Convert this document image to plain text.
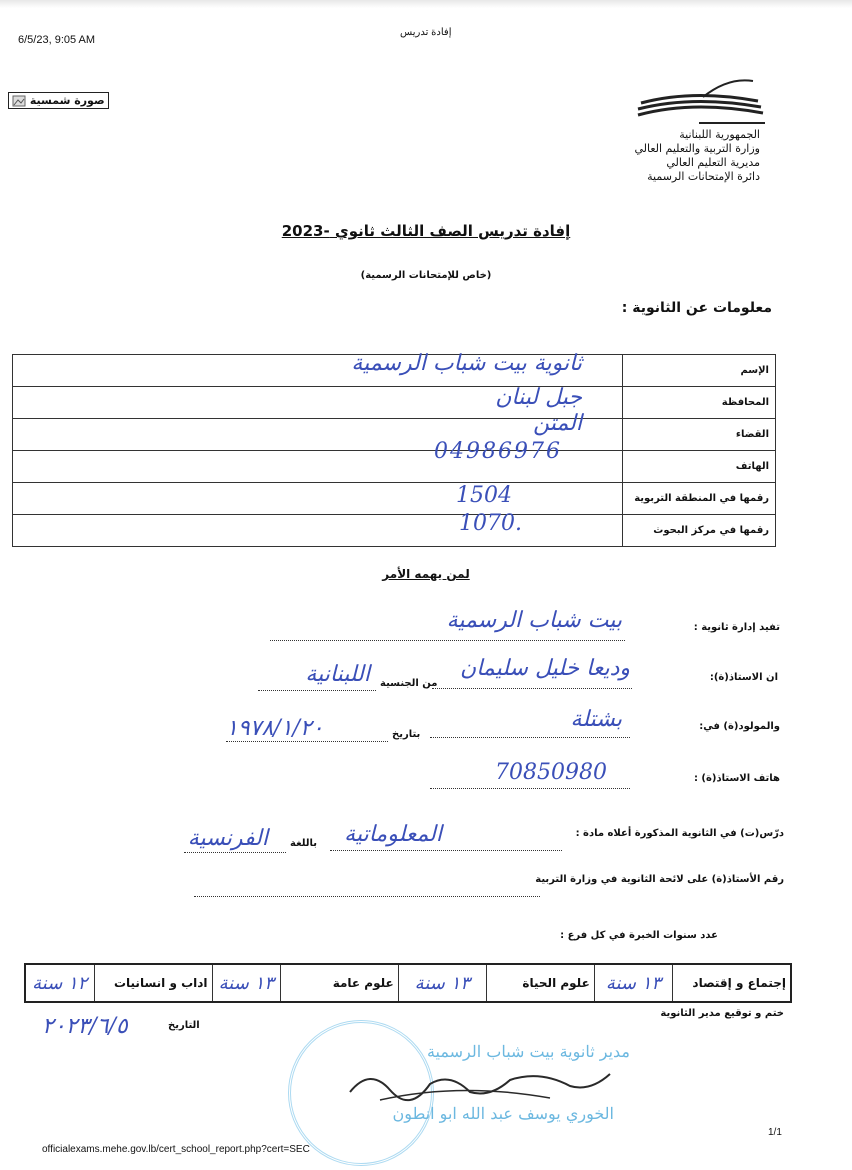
6/5/23, 9:05 AM
إفادة تدريس
صورة شمسية
الجمهورية اللبنانية
وزارة التربية والتعليم العالي
مديرية التعليم العالي
دائرة الإمتحانات الرسمية
إفادة تدريس الصف الثالث ثانوي 2023-
(خاص للإمتحانات الرسمية)
معلومات عن الثانوية :
ثانوية بيت شباب الرسمية	الإسم

جبل لبنان	المحافظة

المتن	القضاء

04986976	الهاتف

1504	رقمها في المنطقة التربوية

1070.	رقمها في مركز البحوث
لمن يهمه الأمر
تفيد إدارة ثانوية :
بيت شباب الرسمية
ان الاستاذ(ة):
وديعا خليل سليمان
من الجنسية
اللبنانية
والمولود(ة) في:
بشتلة
بتاريخ
١٩٧٨/١/٢٠
هاتف الاستاذ(ة) :
70850980
درّس(ت) في الثانوية المذكورة أعلاه مادة :
المعلوماتية
باللغة
الفرنسية
رقم الأستاذ(ة) على لائحة الثانوية في وزارة التربية
عدد سنوات الخبرة في كل فرع :
١٢ سنة	اداب و انسانيات	١٣ سنة	علوم عامة	١٣ سنة	علوم الحياة	١٣ سنة	إجتماع و إقتصاد
ختم و توقيع مدير الثانوية
التاريخ
٢٠٢٣/٦/٥
مدير ثانوية بيت شباب الرسمية
الخوري يوسف عبد الله ابو انطون
officialexams.mehe.gov.lb/cert_school_report.php?cert=SEC
1/1
